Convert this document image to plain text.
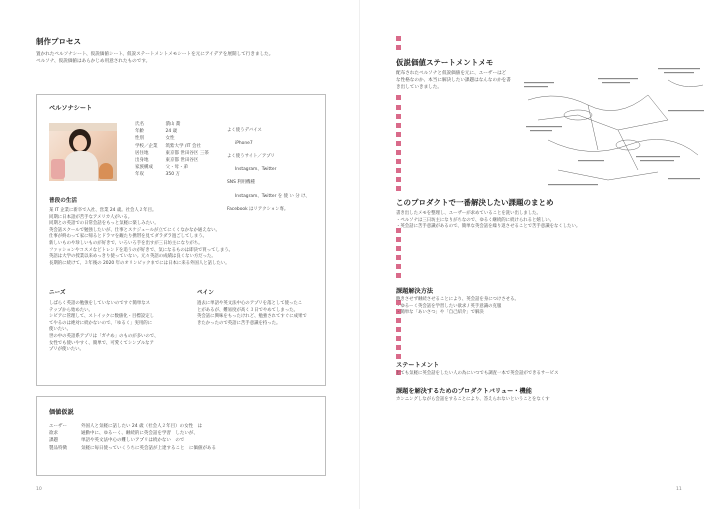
制作プロセス
置かれたペルソナシート、仮説価値シート、仮説ステートメントメモシートを元にアイデアを展開して行きました。
ペルソナ、仮説価値はあらかじめ用意されたものです。
ペルソナシート
氏名	潰山 喬
年齢	24 歳
性別	女性
学校／企業	筑紫大学 /IT 会社
居住地	東京都 世田谷区 三茶
出身地	東京都 世田谷区
家族構成	父・母・弟
年収	350 万

よく使うデバイス

iPhone7

よく使うサイト／アプリ

Instagram、Twitter

SNS 利用機種

Instagram、Twitter を 使 い 分 け、

Facebook はリアクション専。

普段の生活
某 IT 企業に新卒で入社、営業 24 歳。社会人２年目。
同期に日本語が苦手なアメリカ人がいる。
同期との英語での日常会話をもっと気軽に楽しみたい。
英会話スクールで勉強したいが、仕事とスケジュールが立てにくくなかなか通えない。
仕事が終わって家に帰るとドラマを観たり携帯を見てダラダラ過ごしてしまう。
新しいものや珍しいものが好きで、いろいろ手を出すが三日坊主になりがち。
ファッションやコスメなどトレンドを追うのが好きで、気になるものは即決で買ってしまう。
英語は大学の授業以来めっきり使っていない。元々英語の成績は良くない方だった。
長期的に続けて、３年後の 2020 年のオリンピックまでには日本に来る外国人と話したい。
ニーズ
しばらく英語の勉強をしていないのですぐ簡単なス
テップから始めたい。
シビアに管理して、ストイックに数値化・目標設定し
てやるのは絶対に続かないので、「ゆるく」実用的に
使いたい。
世の中の英語系アプリは「ガチめ」のものが多いので、
女性でも使いやすく、簡単で、可愛くてシンプルなア
プリが使いたい。
ペイン
過去に単語や英文法中心のアプリを落として使ったこ
とがあるが、難易度が高く３日でやめてしまった。
英会話に興味をもったけれど、勉強されてすぐに成果で
きたかったので英語に苦手意識を持った。
価値仮説
ユーザー	外国人と気軽に話したい 24 歳（社会人２年目）の女性　は
欲求	通勤中に、ゆるーく、継続的に英会話を学習　したいが、
課題	単語や英文法中心の難しいアプリは続かない　ので
製品特徴	気軽に毎日使っていくうちに英会話が上達すること　に価値がある
10
仮説価値ステートメントメモ
配布されたペルソナと仮説価値を元に、ユーザーはど
な性格なのか、本当に解決したい課題はなんなのかを書
き出していきました。
このプロダクトで一番解決したい課題のまとめ
書き出したメモを整理し、ユーザーが求めていることを洗い出しました。
・ペルソナは三日坊主になりがちなので、ゆるく継続的に続けられると嬉しい。
・英会話に苦手意識があるので、簡単な英会話を繰り返させることで苦手意識をなくしたい。
課題解決方法
飽きさせず継続させることにより、英会話を身につけさせる。
・ゆるーく英会話を学習したい欲求 / 英手意識の克服
・簡単な「あいさつ」や「自己紹介」で解決
ステートメント
とても気軽に英会話をしたい人の為にいつでも調査一本で英会話ができるサービス
課題を解決するためのプロダクトバリュー・機能
カンニングしながら会話をすることにより、答えられないということをなくす
11
